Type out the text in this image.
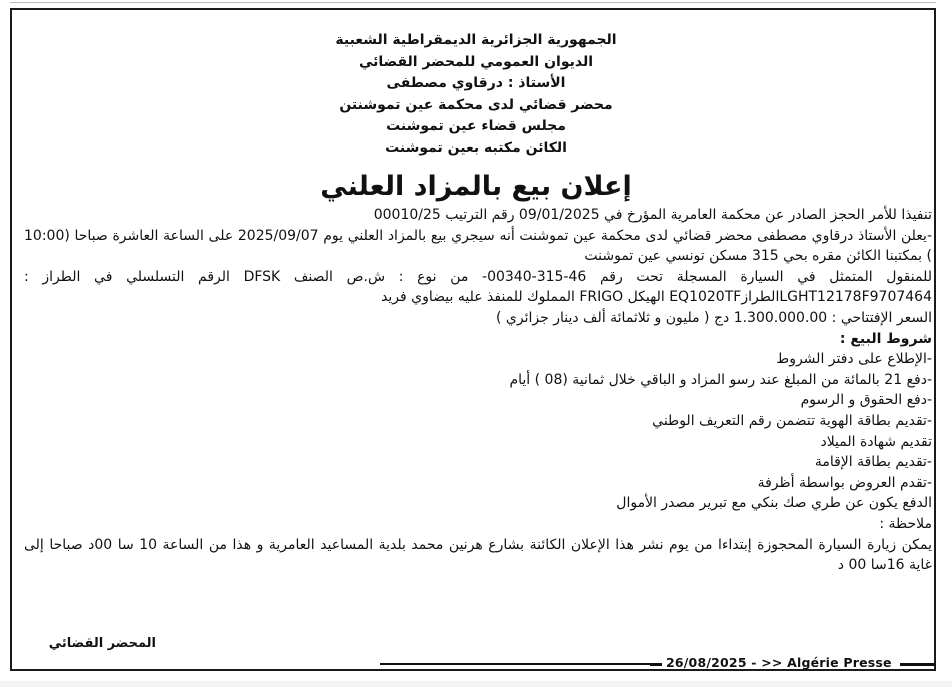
الجمهورية الجزائرية الديمقراطية الشعبية

الديوان العمومي للمحضر القضائي

الأستاذ : درقاوي مصطفى

محضر قضائي لدى محكمة عين تموشنتن

مجلس قضاء عين تموشنت

الكائن مكتبه بعين تموشنت

إعلان بيع بالمزاد العلني

تنفيذا للأمر الحجز الصادر عن محكمة العامرية المؤرخ في 09/01/2025 رقم الترتيب 00010/25

-يعلن الأستاذ درقاوي مصطفى محضر قضائي لدى محكمة عين تموشنت أنه سيجري بيع بالمزاد العلني يوم 2025/09/07 على الساعة العاشرة صباحا (10:00 ) بمكتبنا الكائن مقره بحي 315 مسكن تونسي عين تموشنت

للمنقول المتمثل في السيارة المسجلة تحت رقم 46-315-00340- من نوع : ش.ص الصنف DFSK الرقم التسلسلي في الطراز : LGHT12178F9707464الطرازEQ1020TF الهيكل FRIGO المملوك للمنفذ عليه بيضاوي فريد

السعر الإفتتاحي : 1.300.000.00 دج ( مليون و ثلاثمائة ألف دينار جزائري )

شروط البيع :

-الإطلاع على دفتر الشروط

-دفع 21 بالمائة من المبلغ عند رسو المزاد و الباقي خلال ثمانية (08 ) أيام

-دفع الحقوق و الرسوم

-تقديم بطاقة الهوية تتضمن رقم التعريف الوطني

تقديم شهادة الميلاد

-تقديم بطاقة الإقامة

-تقدم العروض بواسطة أظرفة

الدفع يكون عن طري صك بنكي مع تبرير مصدر الأموال

ملاحظة :

يمكن زيارة السيارة المحجوزة إبتداءا من يوم نشر هذا الإعلان الكائنة بشارع هرنين محمد بلدية المساعيد العامرية و هذا من الساعة 10 سا 00د صباحا إلى غاية 16سا 00 د

المحضر القضائي
26/08/2025 - >> Algérie Presse
